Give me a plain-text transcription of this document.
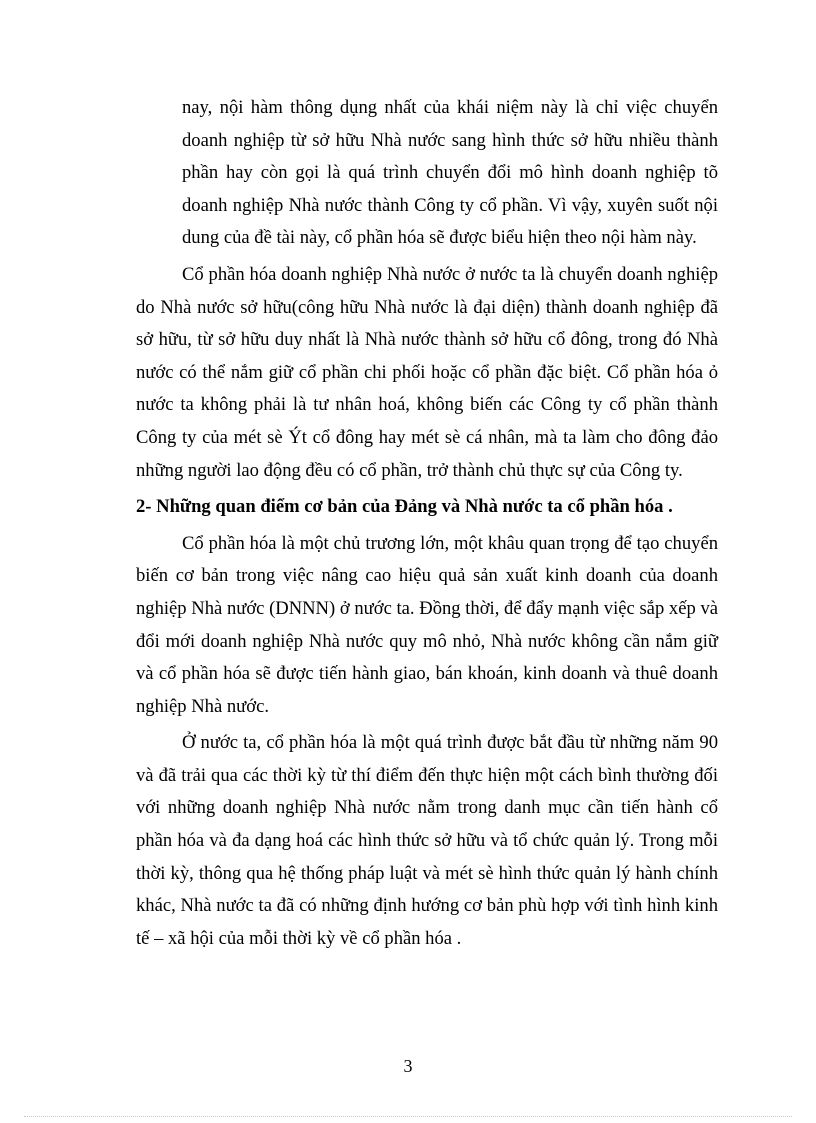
nay, nội hàm thông dụng nhất của khái niệm này là chỉ việc chuyển doanh nghiệp từ sở hữu Nhà nước sang hình thức sở hữu nhiều thành phần hay còn gọi là quá trình chuyển đổi mô hình doanh nghiệp tõ doanh nghiệp Nhà nước thành Công ty cổ phần. Vì vậy, xuyên suốt nội dung của đề tài này, cổ phần hóa sẽ được biểu hiện theo nội hàm này.

Cổ phần hóa doanh nghiệp Nhà nước ở nước ta là chuyển doanh nghiệp do Nhà nước sở hữu(công hữu Nhà nước là đại diện) thành doanh nghiệp đã sở hữu, từ sở hữu duy nhất là Nhà nước thành sở hữu cổ đông, trong đó Nhà nước có thể nắm giữ cổ phần chi phối hoặc cổ phần đặc biệt. Cổ phần hóa ỏ nước ta không phải là tư nhân hoá, không biến các Công ty cổ phần thành Công ty của mét sè Ýt cổ đông hay mét sè cá nhân, mà ta làm cho đông đảo những người lao động đều có cổ phần, trở thành chủ thực sự của Công ty.

2- Những quan điểm cơ bản của Đảng và Nhà nước ta cổ phần hóa .

Cổ phần hóa là một chủ trương lớn, một khâu quan trọng để tạo chuyển biến cơ bản trong việc nâng cao hiệu quả sản xuất kinh doanh của doanh nghiệp Nhà nước (DNNN) ở nước ta. Đồng thời, để đẩy mạnh việc sắp xếp và đổi mới doanh nghiệp Nhà nước quy mô nhỏ, Nhà nước không cần nắm giữ và cổ phần hóa sẽ được tiến hành giao, bán khoán, kinh doanh và thuê doanh nghiệp Nhà nước.

Ở nước ta, cổ phần hóa là một quá trình được bắt đầu từ những năm 90 và đã trải qua các thời kỳ từ thí điểm đến thực hiện một cách bình thường đối với những doanh nghiệp Nhà nước nằm trong danh mục cần tiến hành cổ phần hóa và đa dạng hoá các hình thức sở hữu và tổ chức quản lý. Trong mỗi thời kỳ, thông qua hệ thống pháp luật và mét sè hình thức quản lý hành chính khác, Nhà nước ta đã có những định hướng cơ bản phù hợp với tình hình kinh tế – xã hội của mỗi thời kỳ về cổ phần hóa .

3
